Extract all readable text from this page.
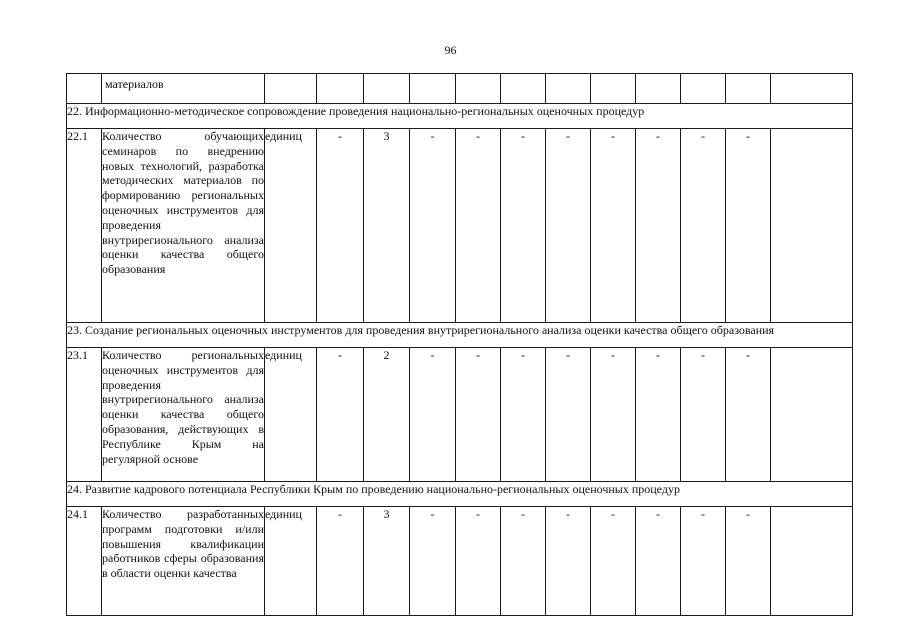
96
	материалов												
22. Информационно-методическое сопровождение проведения национально-региональных оценочных процедур													
22.1	Количество обучающих семинаров по внедрению новых технологий, разработка методических материалов по формированию региональных оценочных инструментов для проведения внутрирегионального анализа оценки качества общего образования	единиц	-	3	-	-	-	-	-	-	-	-	
23. Создание региональных оценочных инструментов для проведения внутрирегионального анализа оценки качества общего образования													
23.1	Количество региональных оценочных инструментов для проведения внутрирегионального анализа оценки качества общего образования, действующих в Республике Крым на регулярной основе	единиц	-	2	-	-	-	-	-	-	-	-	
24. Развитие кадрового потенциала Республики Крым по проведению национально-региональных оценочных процедур													
24.1	Количество разработанных программ подготовки и/или повышения квалификации работников сферы образования в области оценки качества	единиц	-	3	-	-	-	-	-	-	-	-	
